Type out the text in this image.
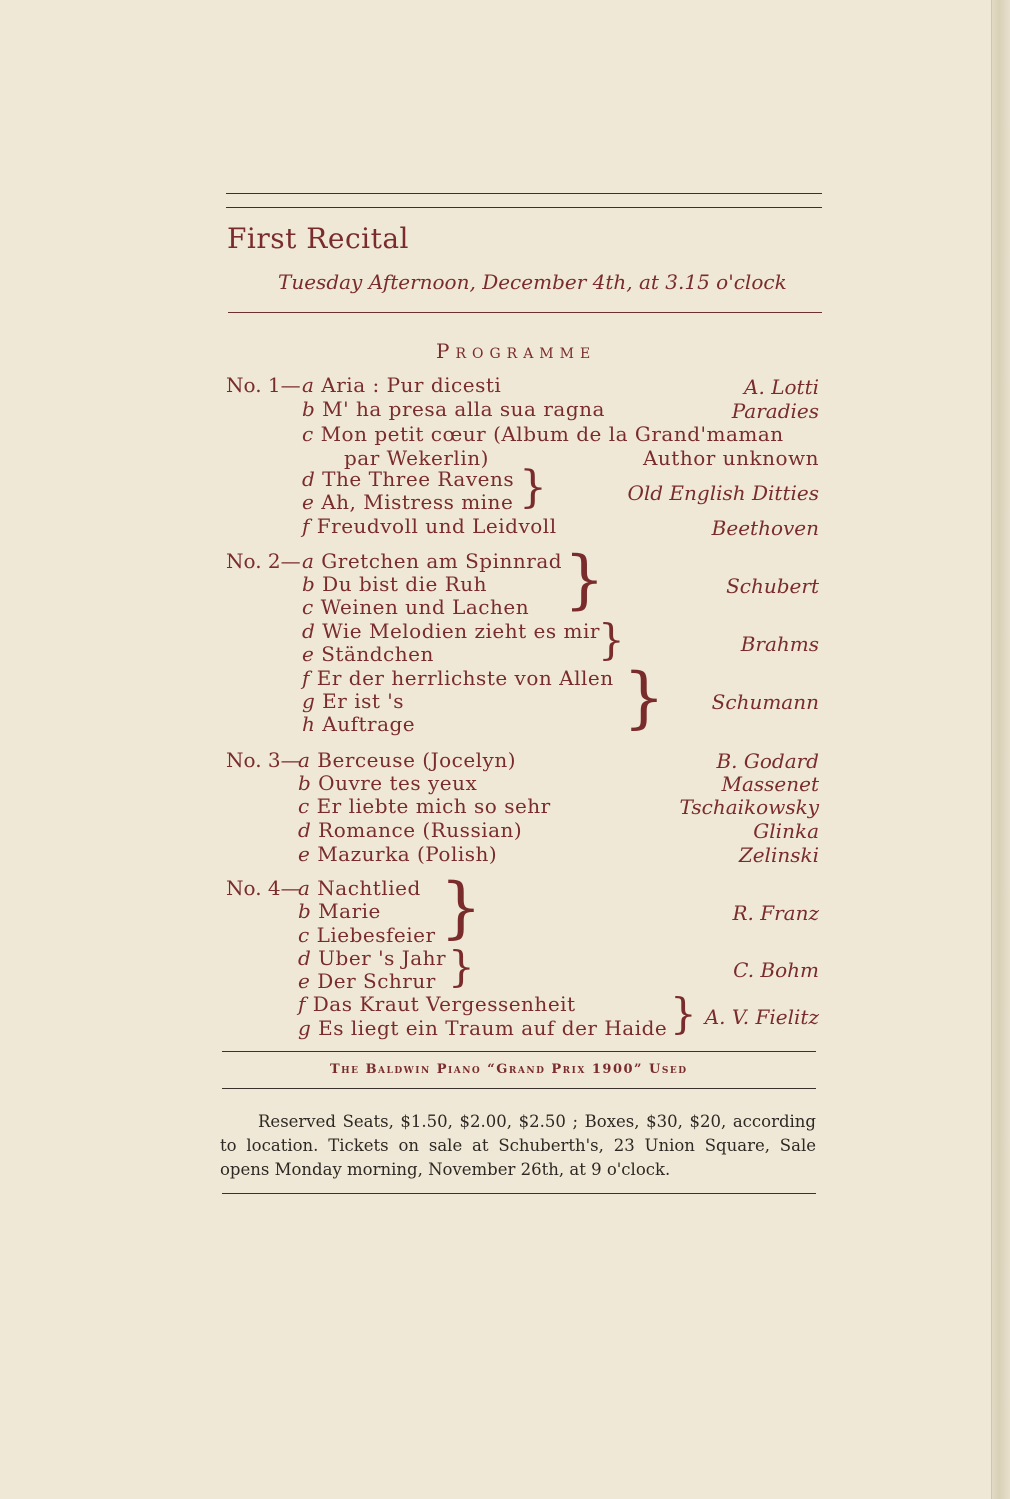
First Recital
Tuesday Afternoon, December 4th, at 3.15 o'clock
Programme
No. 1— a Aria : Pur dicesti	A. Lotti
b M' ha presa alla sua ragna	Paradies
c Mon petit cœur (Album de la Grand'maman
par Wekerlin)	Author unknown
d The Three Ravens
e Ah, Mistress mine }	Old English Ditties
f Freudvoll und Leidvoll	Beethoven
No. 2— a Gretchen am Spinnrad
b Du bist die Ruh
c Weinen und Lachen }	Schubert
d Wie Melodien zieht es mir
e Ständchen	}	Brahms
f Er der herrlichste von Allen
g Er ist 's
h Auftrage	} Schumann
No. 3—
a Berceuse (Jocelyn)	B. Godard
b Ouvre tes yeux	Massenet
c Er liebte mich so sehr	Tschaikowsky
d Romance (Russian)	Glinka
e Mazurka (Polish)	Zelinski
No. 4—
a Nachtlied
b Marie
c Liebesfeier }	R. Franz
d Uber 's Jahr
e Der Schrur }	C. Bohm
f Das Kraut Vergessenheit
g Es liegt ein Traum auf der Haide } A. V. Fielitz
The Baldwin Piano “Grand Prix 1900” Used
Reserved Seats, $1.50, $2.00, $2.50 ; Boxes, $30, $20, according to location. Tickets on sale at Schuberth's, 23 Union Square, Sale opens Monday morning, November 26th, at 9 o'clock.
